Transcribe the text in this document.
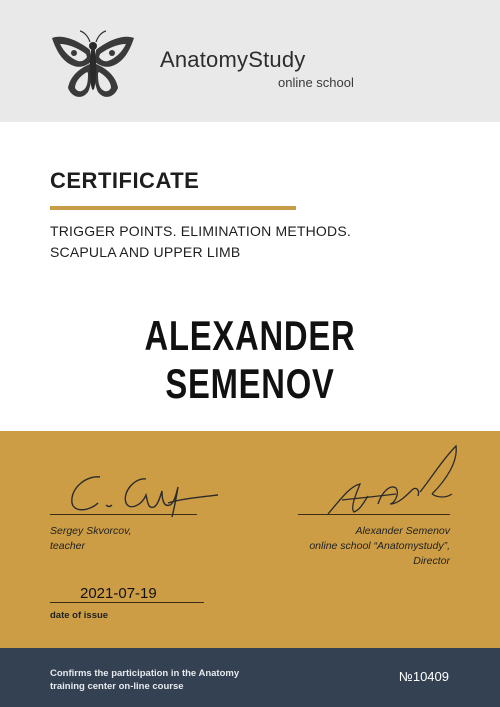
AnatomyStudy
online school
CERTIFICATE
TRIGGER POINTS. ELIMINATION METHODS.
SCAPULA AND UPPER LIMB
ALEXANDER SEMENOV
Sergey Skvorcov,
teacher
Alexander Semenov
online school “Anatomystudy”,
Director
2021-07-19
date of issue
Confirms the participation in the Anatomy
training center on-line course
№10409
